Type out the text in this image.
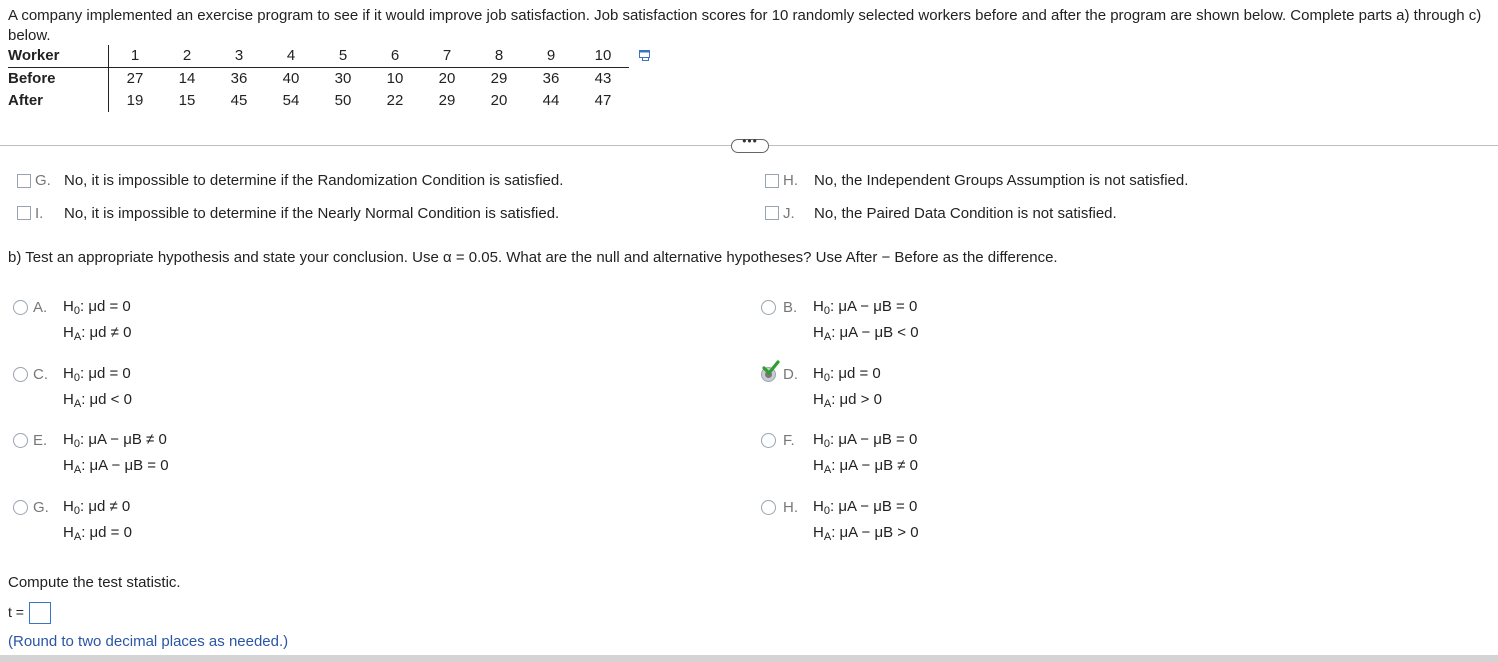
A company implemented an exercise program to see if it would improve job satisfaction. Job satisfaction scores for 10 randomly selected workers before and after the program are shown below. Complete parts a) through c) below.
Worker	1	2	3	4	5	6	7	8	9	10
Before	27	14	36	40	30	10	20	29	36	43
After	19	15	45	54	50	22	29	20	44	47
•••
G. No, it is impossible to determine if the Randomization Condition is satisfied.
I. No, it is impossible to determine if the Nearly Normal Condition is satisfied.
H. No, the Independent Groups Assumption is not satisfied.
J. No, the Paired Data Condition is not satisfied.
b) Test an appropriate hypothesis and state your conclusion. Use α = 0.05. What are the null and alternative hypotheses? Use After − Before as the difference.
A. $H_0$: μd = 0
$H_A$: μd ≠ 0
C. $H_0$: μd = 0
$H_A$: μd < 0
E. $H_0$: μA − μB ≠ 0
$H_A$: μA − μB = 0
G. $H_0$: μd ≠ 0
$H_A$: μd = 0
B. $H_0$: μA − μB = 0
$H_A$: μA − μB < 0
D. $H_0$: μd = 0
$H_A$: μd > 0
F. $H_0$: μA − μB = 0
$H_A$: μA − μB ≠ 0
H. $H_0$: μA − μB = 0
$H_A$: μA − μB > 0
Compute the test statistic.
t =
(Round to two decimal places as needed.)
